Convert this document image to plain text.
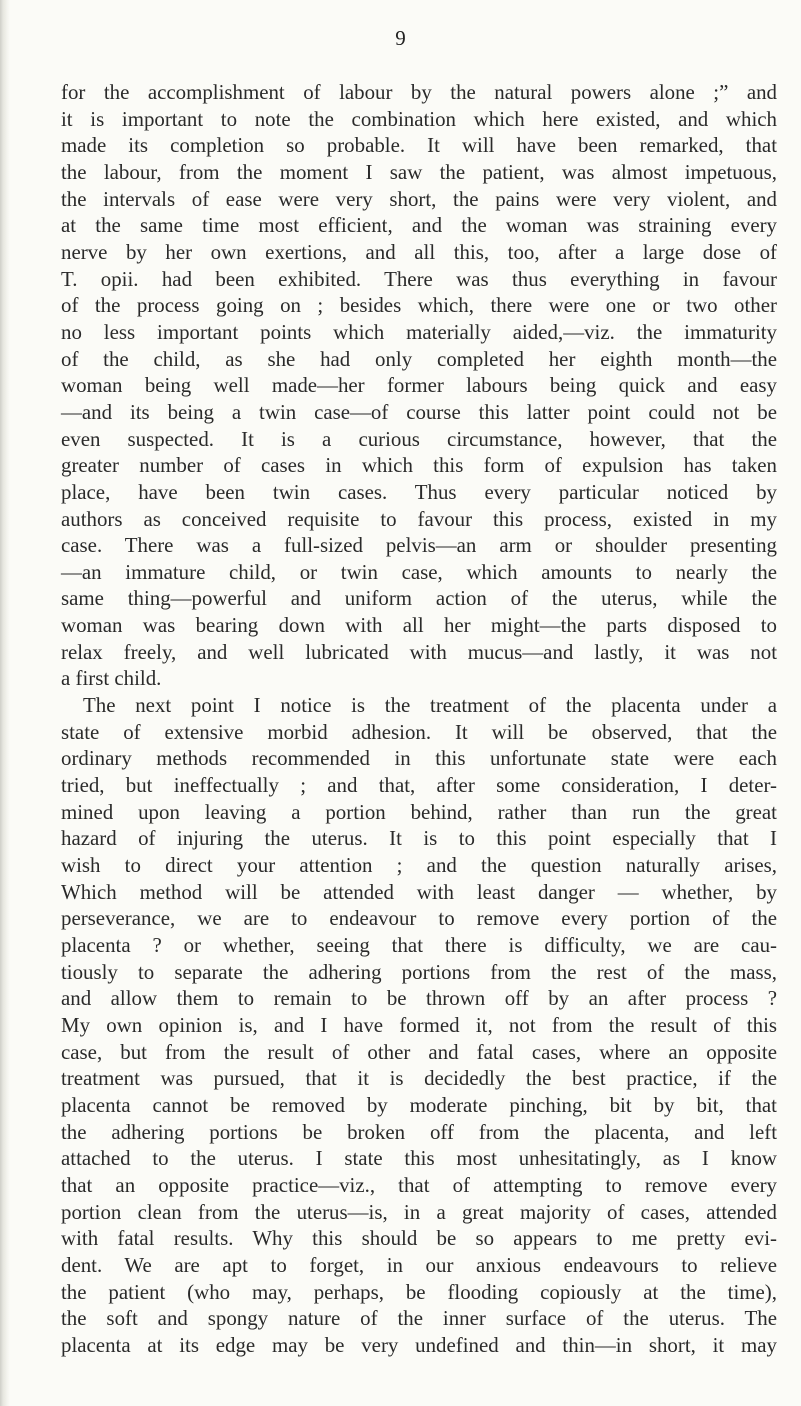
9
for the accomplishment of labour by the natural powers alone ;” and
it is important to note the combination which here existed, and which
made its completion so probable. It will have been remarked, that
the labour, from the moment I saw the patient, was almost impetuous,
the intervals of ease were very short, the pains were very violent, and
at the same time most efficient, and the woman was straining every
nerve by her own exertions, and all this, too, after a large dose of
T. opii. had been exhibited. There was thus everything in favour
of the process going on ; besides which, there were one or two other
no less important points which materially aided,—viz. the immaturity
of the child, as she had only completed her eighth month—the
woman being well made—her former labours being quick and easy
—and its being a twin case—of course this latter point could not be
even suspected. It is a curious circumstance, however, that the
greater number of cases in which this form of expulsion has taken
place, have been twin cases. Thus every particular noticed by
authors as conceived requisite to favour this process, existed in my
case. There was a full-sized pelvis—an arm or shoulder presenting
—an immature child, or twin case, which amounts to nearly the
same thing—powerful and uniform action of the uterus, while the
woman was bearing down with all her might—the parts disposed to
relax freely, and well lubricated with mucus—and lastly, it was not
a first child.
The next point I notice is the treatment of the placenta under a
state of extensive morbid adhesion. It will be observed, that the
ordinary methods recommended in this unfortunate state were each
tried, but ineffectually ; and that, after some consideration, I deter-
mined upon leaving a portion behind, rather than run the great
hazard of injuring the uterus. It is to this point especially that I
wish to direct your attention ; and the question naturally arises,
Which method will be attended with least danger — whether, by
perseverance, we are to endeavour to remove every portion of the
placenta ? or whether, seeing that there is difficulty, we are cau-
tiously to separate the adhering portions from the rest of the mass,
and allow them to remain to be thrown off by an after process ?
My own opinion is, and I have formed it, not from the result of this
case, but from the result of other and fatal cases, where an opposite
treatment was pursued, that it is decidedly the best practice, if the
placenta cannot be removed by moderate pinching, bit by bit, that
the adhering portions be broken off from the placenta, and left
attached to the uterus. I state this most unhesitatingly, as I know
that an opposite practice—viz., that of attempting to remove every
portion clean from the uterus—is, in a great majority of cases, attended
with fatal results. Why this should be so appears to me pretty evi-
dent. We are apt to forget, in our anxious endeavours to relieve
the patient (who may, perhaps, be flooding copiously at the time),
the soft and spongy nature of the inner surface of the uterus. The
placenta at its edge may be very undefined and thin—in short, it may
